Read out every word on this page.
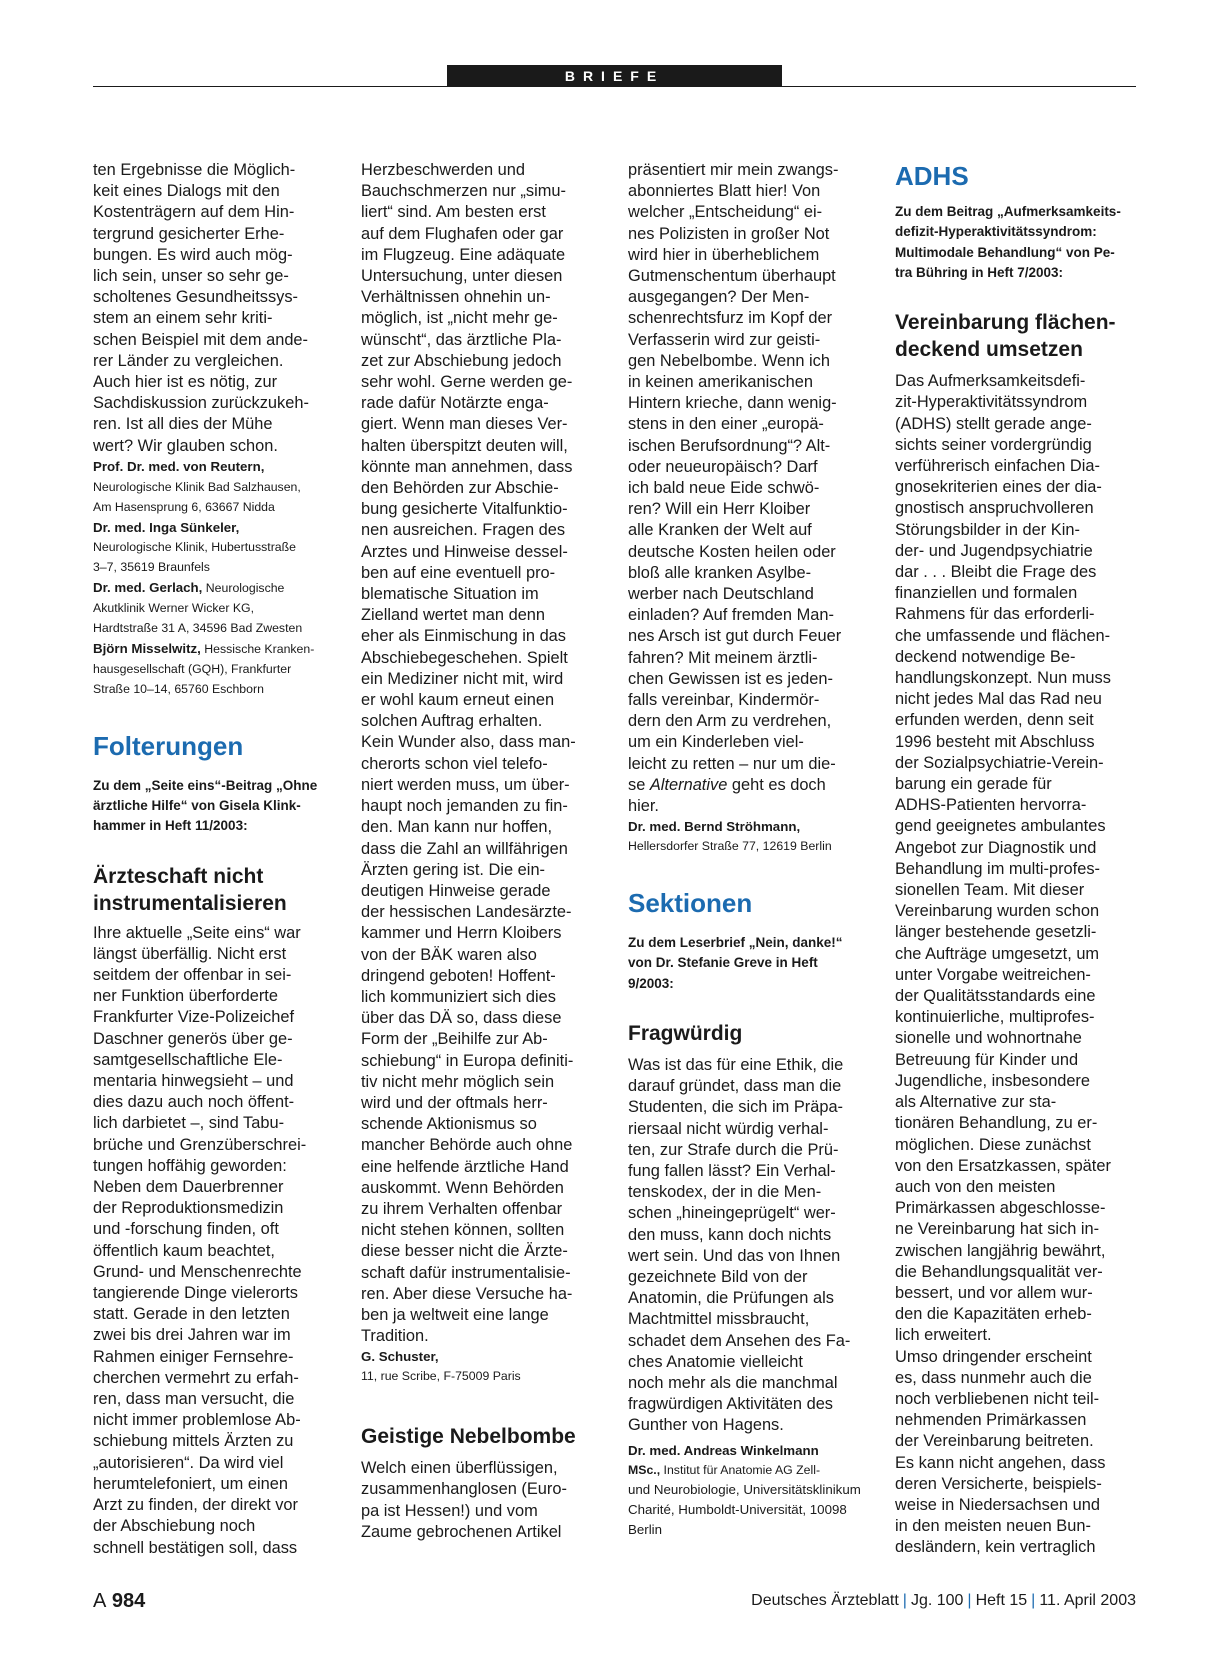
BRIEFE

ten Ergebnisse die Möglich-
keit eines Dialogs mit den
Kostenträgern auf dem Hin-
tergrund gesicherter Erhe-
bungen. Es wird auch mög-
lich sein, unser so sehr ge-
scholtenes Gesundheitssys-
stem an einem sehr kriti-
schen Beispiel mit dem ande-
rer Länder zu vergleichen.
Auch hier ist es nötig, zur
Sachdiskussion zurückzukeh-
ren. Ist all dies der Mühe
wert? Wir glauben schon.

Prof. Dr. med. von Reutern,
Neurologische Klinik Bad Salzhausen,
Am Hasensprung 6, 63667 Nidda

Dr. med. Inga Sünkeler,
Neurologische Klinik, Hubertusstraße
3–7, 35619 Braunfels

Dr. med. Gerlach, Neurologische
Akutklinik Werner Wicker KG,
Hardtstraße 31 A, 34596 Bad Zwesten

Björn Misselwitz, Hessische Kranken-
hausgesellschaft (GQH), Frankfurter
Straße 10–14, 65760 Eschborn

Folterungen

Zu dem „Seite eins“-Beitrag „Ohne
ärztliche Hilfe“ von Gisela Klink-
hammer in Heft 11/2003:

Ärzteschaft nicht
instrumentalisieren

Ihre aktuelle „Seite eins“ war
längst überfällig. Nicht erst
seitdem der offenbar in sei-
ner Funktion überforderte
Frankfurter Vize-Polizeichef
Daschner generös über ge-
samtgesellschaftliche Ele-
mentaria hinwegsieht – und
dies dazu auch noch öffent-
lich darbietet –, sind Tabu-
brüche und Grenzüberschrei-
tungen hoffähig geworden:
Neben dem Dauerbrenner
der Reproduktionsmedizin
und -forschung finden, oft
öffentlich kaum beachtet,
Grund- und Menschenrechte
tangierende Dinge vielerorts
statt. Gerade in den letzten
zwei bis drei Jahren war im
Rahmen einiger Fernsehre-
cherchen vermehrt zu erfah-
ren, dass man versucht, die
nicht immer problemlose Ab-
schiebung mittels Ärzten zu
„autorisieren“. Da wird viel
herumtelefoniert, um einen
Arzt zu finden, der direkt vor
der Abschiebung noch
schnell bestätigen soll, dass

Herzbeschwerden und
Bauchschmerzen nur „simu-
liert“ sind. Am besten erst
auf dem Flughafen oder gar
im Flugzeug. Eine adäquate
Untersuchung, unter diesen
Verhältnissen ohnehin un-
möglich, ist „nicht mehr ge-
wünscht“, das ärztliche Pla-
zet zur Abschiebung jedoch
sehr wohl. Gerne werden ge-
rade dafür Notärzte enga-
giert. Wenn man dieses Ver-
halten überspitzt deuten will,
könnte man annehmen, dass
den Behörden zur Abschie-
bung gesicherte Vitalfunktio-
nen ausreichen. Fragen des
Arztes und Hinweise dessel-
ben auf eine eventuell pro-
blematische Situation im
Zielland wertet man denn
eher als Einmischung in das
Abschiebegeschehen. Spielt
ein Mediziner nicht mit, wird
er wohl kaum erneut einen
solchen Auftrag erhalten.
Kein Wunder also, dass man-
cherorts schon viel telefo-
niert werden muss, um über-
haupt noch jemanden zu fin-
den. Man kann nur hoffen,
dass die Zahl an willfährigen
Ärzten gering ist. Die ein-
deutigen Hinweise gerade
der hessischen Landesärzte-
kammer und Herrn Kloibers
von der BÄK waren also
dringend geboten! Hoffent-
lich kommuniziert sich dies
über das DÄ so, dass diese
Form der „Beihilfe zur Ab-
schiebung“ in Europa definiti-
tiv nicht mehr möglich sein
wird und der oftmals herr-
schende Aktionismus so
mancher Behörde auch ohne
eine helfende ärztliche Hand
auskommt. Wenn Behörden
zu ihrem Verhalten offenbar
nicht stehen können, sollten
diese besser nicht die Ärzte-
schaft dafür instrumentalisie-
ren. Aber diese Versuche ha-
ben ja weltweit eine lange
Tradition.

G. Schuster,
11, rue Scribe, F-75009 Paris

Geistige Nebelbombe

Welch einen überflüssigen,
zusammenhanglosen (Euro-
pa ist Hessen!) und vom
Zaume gebrochenen Artikel

präsentiert mir mein zwangs-
abonniertes Blatt hier! Von
welcher „Entscheidung“ ei-
nes Polizisten in großer Not
wird hier in überheblichem
Gutmenschentum überhaupt
ausgegangen? Der Men-
schenrechtsfurz im Kopf der
Verfasserin wird zur geisti-
gen Nebelbombe. Wenn ich
in keinen amerikanischen
Hintern krieche, dann wenig-
stens in den einer „europä-
ischen Berufsordnung“? Alt-
oder neueuropäisch? Darf
ich bald neue Eide schwö-
ren? Will ein Herr Kloiber
alle Kranken der Welt auf
deutsche Kosten heilen oder
bloß alle kranken Asylbe-
werber nach Deutschland
einladen? Auf fremden Man-
nes Arsch ist gut durch Feuer
fahren? Mit meinem ärztli-
chen Gewissen ist es jeden-
falls vereinbar, Kindermör-
dern den Arm zu verdrehen,
um ein Kinderleben viel-
leicht zu retten – nur um die-
se Alternative geht es doch
hier.

Dr. med. Bernd Ströhmann,
Hellersdorfer Straße 77, 12619 Berlin

Sektionen

Zu dem Leserbrief „Nein, danke!“
von Dr. Stefanie Greve in Heft
9/2003:

Fragwürdig

Was ist das für eine Ethik, die
darauf gründet, dass man die
Studenten, die sich im Präpa-
riersaal nicht würdig verhal-
ten, zur Strafe durch die Prü-
fung fallen lässt? Ein Verhal-
tenskodex, der in die Men-
schen „hineingeprügelt“ wer-
den muss, kann doch nichts
wert sein. Und das von Ihnen
gezeichnete Bild von der
Anatomin, die Prüfungen als
Machtmittel missbraucht,
schadet dem Ansehen des Fa-
ches Anatomie vielleicht
noch mehr als die manchmal
fragwürdigen Aktivitäten des
Gunther von Hagens.

Dr. med. Andreas Winkelmann
MSc., Institut für Anatomie AG Zell-
und Neurobiologie, Universitätsklinikum
Charité, Humboldt-Universität, 10098
Berlin

ADHS

Zu dem Beitrag „Aufmerksamkeits-
defizit-Hyperaktivitätssyndrom:
Multimodale Behandlung“ von Pe-
tra Bühring in Heft 7/2003:

Vereinbarung flächen-
deckend umsetzen

Das Aufmerksamkeitsdefi-
zit-Hyperaktivitätssyndrom
(ADHS) stellt gerade ange-
sichts seiner vordergründig
verführerisch einfachen Dia-
gnosekriterien eines der dia-
gnostisch anspruchvolleren
Störungsbilder in der Kin-
der- und Jugendpsychiatrie
dar . . . Bleibt die Frage des
finanziellen und formalen
Rahmens für das erforderli-
che umfassende und flächen-
deckend notwendige Be-
handlungskonzept. Nun muss
nicht jedes Mal das Rad neu
erfunden werden, denn seit
1996 besteht mit Abschluss
der Sozialpsychiatrie-Verein-
barung ein gerade für
ADHS-Patienten hervorra-
gend geeignetes ambulantes
Angebot zur Diagnostik und
Behandlung im multi-profes-
sionellen Team. Mit dieser
Vereinbarung wurden schon
länger bestehende gesetzli-
che Aufträge umgesetzt, um
unter Vorgabe weitreichen-
der Qualitätsstandards eine
kontinuierliche, multiprofes-
sionelle und wohnortnahe
Betreuung für Kinder und
Jugendliche, insbesondere
als Alternative zur sta-
tionären Behandlung, zu er-
möglichen. Diese zunächst
von den Ersatzkassen, später
auch von den meisten
Primärkassen abgeschlosse-
ne Vereinbarung hat sich in-
zwischen langjährig bewährt,
die Behandlungsqualität ver-
bessert, und vor allem wur-
den die Kapazitäten erheb-
lich erweitert.
Umso dringender erscheint
es, dass nunmehr auch die
noch verbliebenen nicht teil-
nehmenden Primärkassen
der Vereinbarung beitreten.
Es kann nicht angehen, dass
deren Versicherte, beispiels-
weise in Niedersachsen und
in den meisten neuen Bun-
desländern, kein vertraglich

A 984	Deutsches Ärzteblatt | Jg. 100 | Heft 15 | 11. April 2003
